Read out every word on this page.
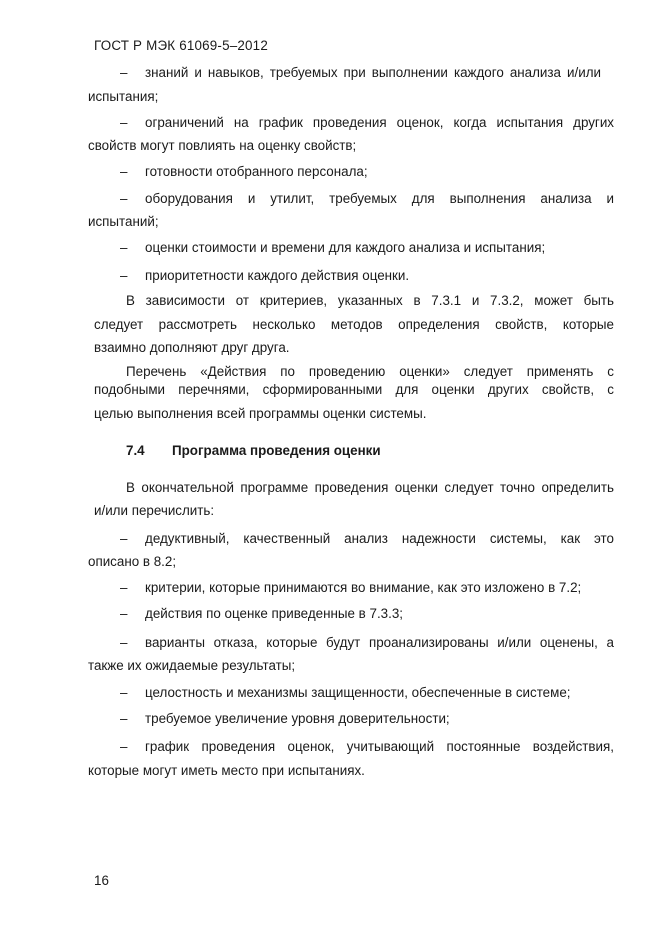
ГОСТ Р МЭК 61069-5–2012
– знаний и навыков, требуемых при выполнении каждого анализа и/или
испытания;
– ограничений на график проведения оценок, когда испытания других
свойств могут повлиять на оценку свойств;
– готовности отобранного персонала;
– оборудования и утилит, требуемых для выполнения анализа и
испытаний;
– оценки стоимости и времени для каждого анализа и испытания;
– приоритетности каждого действия оценки.
В зависимости от критериев, указанных в 7.3.1 и 7.3.2, может быть
следует рассмотреть несколько методов определения свойств, которые
взаимно дополняют друг друга.
Перечень «Действия по проведению оценки» следует применять с
подобными перечнями, сформированными для оценки других свойств, с
целью выполнения всей программы оценки системы.
7.4 Программа проведения оценки
В окончательной программе проведения оценки следует точно определить
и/или перечислить:
– дедуктивный, качественный анализ надежности системы, как это
описано в 8.2;
– критерии, которые принимаются во внимание, как это изложено в 7.2;
– действия по оценке приведенные в 7.3.3;
– варианты отказа, которые будут проанализированы и/или оценены, а
также их ожидаемые результаты;
– целостность и механизмы защищенности, обеспеченные в системе;
– требуемое увеличение уровня доверительности;
– график проведения оценок, учитывающий постоянные воздействия,
которые могут иметь место при испытаниях.
16
